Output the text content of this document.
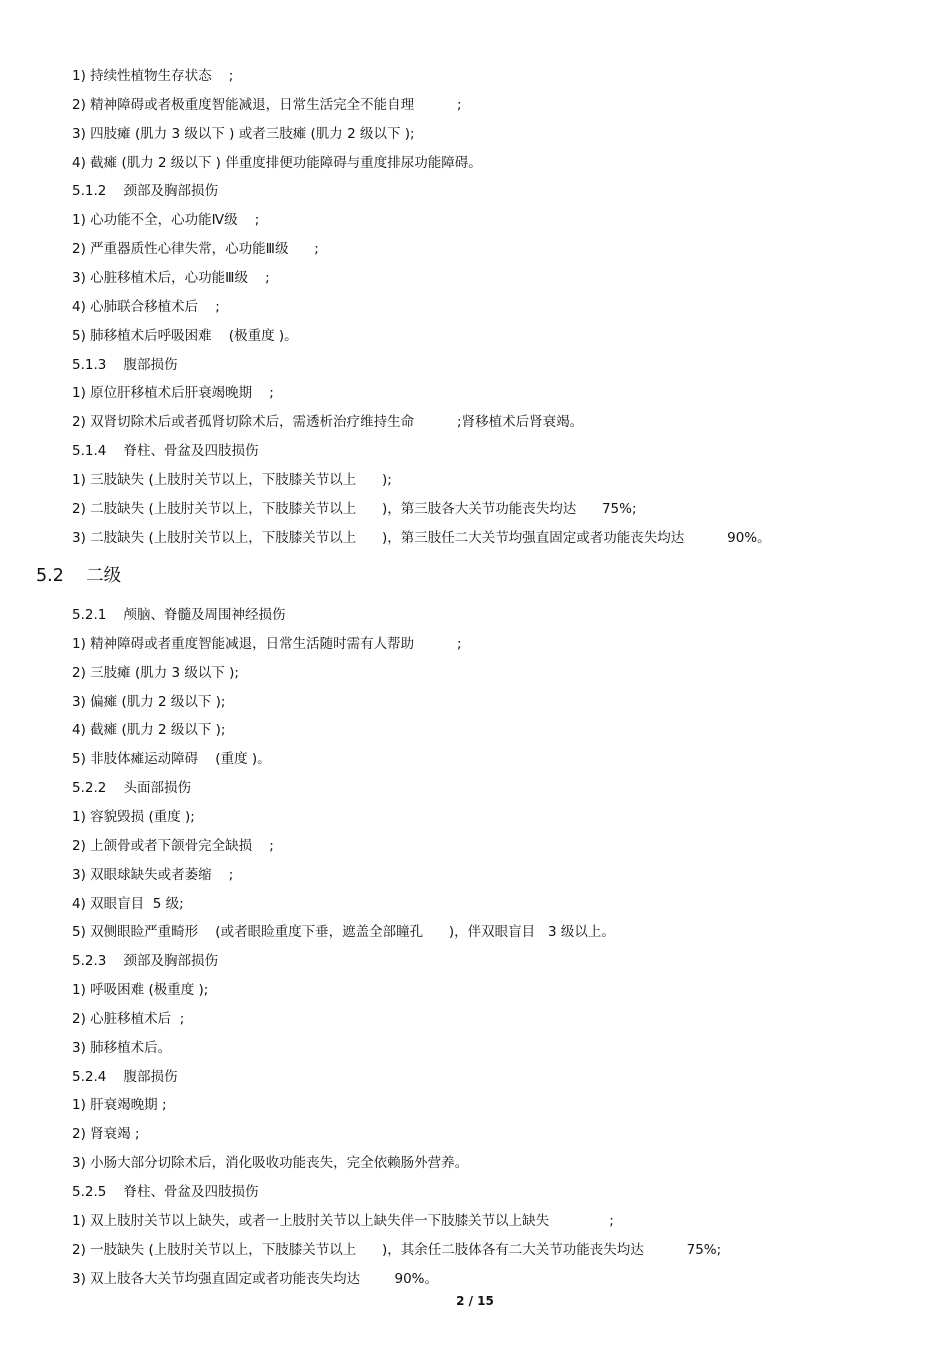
1) 持续性植物生存状态    ;
2) 精神障碍或者极重度智能减退，日常生活完全不能自理          ;
3) 四肢瘫 (肌力 3 级以下 ) 或者三肢瘫 (肌力 2 级以下 );
4) 截瘫 (肌力 2 级以下 ) 伴重度排便功能障碍与重度排尿功能障碍。
5.1.2    颈部及胸部损伤
1) 心功能不全，心功能Ⅳ级    ;
2) 严重器质性心律失常，心功能Ⅲ级      ;
3) 心脏移植术后，心功能Ⅲ级    ;
4) 心肺联合移植术后    ;
5) 肺移植术后呼吸困难    (极重度 )。
5.1.3    腹部损伤
1) 原位肝移植术后肝衰竭晚期    ;
2) 双肾切除术后或者孤肾切除术后，需透析治疗维持生命          ;肾移植术后肾衰竭。
5.1.4    脊柱、骨盆及四肢损伤
1) 三肢缺失 (上肢肘关节以上，下肢膝关节以上      );
2) 二肢缺失 (上肢肘关节以上，下肢膝关节以上      )，第三肢各大关节功能丧失均达      75%;
3) 二肢缺失 (上肢肘关节以上，下肢膝关节以上      )，第三肢任二大关节均强直固定或者功能丧失均达          90%。
5.2    二级
5.2.1    颅脑、脊髓及周围神经损伤
1) 精神障碍或者重度智能减退，日常生活随时需有人帮助          ;
2) 三肢瘫 (肌力 3 级以下 );
3) 偏瘫 (肌力 2 级以下 );
4) 截瘫 (肌力 2 级以下 );
5) 非肢体瘫运动障碍    (重度 )。
5.2.2    头面部损伤
1) 容貌毁损 (重度 );
2) 上颌骨或者下颌骨完全缺损    ;
3) 双眼球缺失或者萎缩    ;
4) 双眼盲目  5 级;
5) 双侧眼睑严重畸形    (或者眼睑重度下垂，遮盖全部瞳孔      )，伴双眼盲目   3 级以上。
5.2.3    颈部及胸部损伤
1) 呼吸困难 (极重度 );
2) 心脏移植术后  ;
3) 肺移植术后。
5.2.4    腹部损伤
1) 肝衰竭晚期 ;
2) 肾衰竭 ;
3) 小肠大部分切除术后，消化吸收功能丧失，完全依赖肠外营养。
5.2.5    脊柱、骨盆及四肢损伤
1) 双上肢肘关节以上缺失，或者一上肢肘关节以上缺失伴一下肢膝关节以上缺失              ;
2) 一肢缺失 (上肢肘关节以上，下肢膝关节以上      )，其余任二肢体各有二大关节功能丧失均达          75%;
3) 双上肢各大关节均强直固定或者功能丧失均达        90%。
2 / 15
